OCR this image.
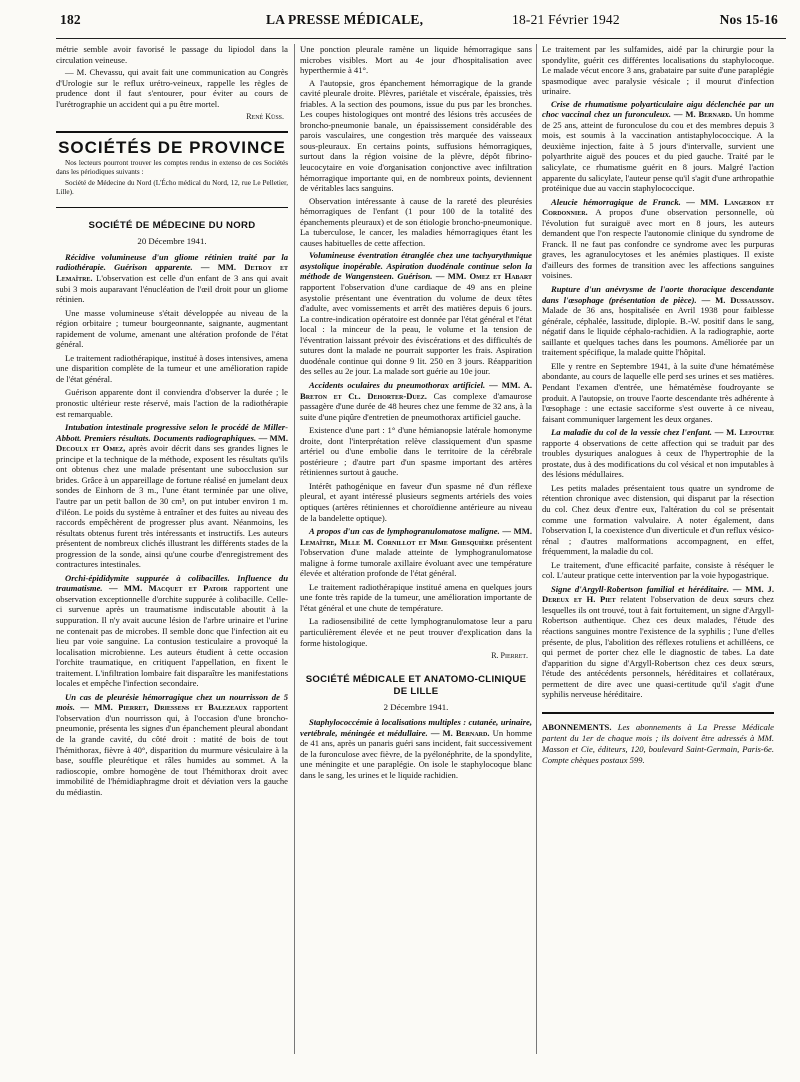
182	LA PRESSE MÉDICALE,	18-21 Février 1942	Nos 15-16

métrie semble avoir favorisé le passage du lipiodol dans la circulation veineuse.

— M. Chevassu, qui avait fait une communication au Congrès d'Urologie sur le reflux urétro-veineux, rappelle les règles de prudence dont il faut s'entourer, pour éviter au cours de l'urétrographie un accident qui a pu être mortel.

René Küss.
SOCIÉTÉS DE PROVINCE

Nos lecteurs pourront trouver les comptes rendus in extenso de ces Sociétés dans les périodiques suivants :

Société de Médecine du Nord (L'Écho médical du Nord, 12, rue Le Pelletier, Lille).

SOCIÉTÉ DE MÉDECINE DU NORD
20 Décembre 1941.

Récidive volumineuse d'un gliome rétinien traité par la radiothérapie. Guérison apparente. — MM. Detroy et Lemaître. L'observation est celle d'un enfant de 3 ans qui avait subi 3 mois auparavant l'énucléation de l'œil droit pour un gliome rétinien.

Une masse volumineuse s'était développée au niveau de la région orbitaire ; tumeur bourgeonnante, saignante, augmentant rapidement de volume, amenant une altération profonde de l'état général.

Le traitement radiothérapique, institué à doses intensives, amena une disparition complète de la tumeur et une amélioration rapide de l'état général.

Guérison apparente dont il conviendra d'observer la durée ; le pronostic ultérieur reste réservé, mais l'action de la radiothérapie est remarquable.

Intubation intestinale progressive selon le procédé de Miller-Abbott. Premiers résultats. Documents radiographiques. — MM. Decoulx et Omez, après avoir décrit dans ses grandes lignes le principe et la technique de la méthode, exposent les résultats qu'ils ont obtenus chez une malade présentant une subocclusion sur brides. Grâce à un appareillage de fortune réalisé en jumelant deux sondes de Einhorn de 3 m., l'une étant terminée par une olive, l'autre par un petit ballon de 30 cm³, on put intuber environ 1 m. d'iléon. Le poids du système à entraîner et des fuites au niveau des raccords empêchèrent de progresser plus avant. Néanmoins, les résultats obtenus furent très intéressants et instructifs. Les auteurs présentent de nombreux clichés illustrant les différents stades de la progression de la sonde, ainsi qu'une courbe d'enregistrement des contractures intestinales.

Orchi-épididymite suppurée à colibacilles. Influence du traumatisme. — MM. Macquet et Patoir rapportent une observation exceptionnelle d'orchite suppurée à colibacille. Celle-ci survenue après un traumatisme indiscutable aboutit à la suppuration. Il n'y avait aucune lésion de l'arbre urinaire et l'urine ne contenait pas de microbes. Il semble donc que l'infection ait eu lieu par voie sanguine. La contusion testiculaire a provoqué la localisation microbienne. Les auteurs étudient à cette occasion l'orchite traumatique, en critiquent l'appellation, en fixent le traitement. L'infiltration lombaire fait disparaître les manifestations locales et empêche l'infection secondaire.

Un cas de pleurésie hémorragique chez un nourrisson de 5 mois. — MM. Pierret, Driessens et Balezeaux rapportent l'observation d'un nourrisson qui, à l'occasion d'une broncho-pneumonie, présenta les signes d'un épanchement pleural abondant de la grande cavité, du côté droit : matité de bois de tout l'hémithorax, fièvre à 40°, disparition du murmure vésiculaire à la base, souffle pleurétique et râles humides au sommet. A la radioscopie, ombre homogène de tout l'hémithorax droit avec immobilité de l'hémidiaphragme droit et déviation vers la gauche du médiastin.

Une ponction pleurale ramène un liquide hémorragique sans microbes visibles. Mort au 4e jour d'hospitalisation avec hyperthermie à 41°.

A l'autopsie, gros épanchement hémorragique de la grande cavité pleurale droite. Plèvres, pariétale et viscérale, épaissies, très friables. A la section des poumons, issue du pus par les bronches. Les coupes histologiques ont montré des lésions très accusées de broncho-pneumonie banale, un épaississement considérable des parois vasculaires, une congestion très marquée des vaisseaux sous-pleuraux. En certains points, suffusions hémorragiques, surtout dans la région voisine de la plèvre, dépôt fibrino-leucocytaire en voie d'organisation conjonctive avec infiltration hémorragique importante qui, en de nombreux points, deviennent de véritables lacs sanguins.

Observation intéressante à cause de la rareté des pleurésies hémorragiques de l'enfant (1 pour 100 de la totalité des épanchements pleuraux) et de son étiologie broncho-pneumonique. La tuberculose, le cancer, les maladies hémorragiques étant les causes habituelles de cette affection.

Volumineuse éventration étranglée chez une tachyarythmique asystolique inopérable. Aspiration duodénale continue selon la méthode de Wangensteen. Guérison. — MM. Omez et Habart rapportent l'observation d'une cardiaque de 49 ans en pleine asystolie présentant une éventration du volume de deux têtes d'adulte, avec vomissements et arrêt des matières depuis 6 jours. La contre-indication opératoire est donnée par l'état général et l'état local : la minceur de la peau, le volume et la tension de l'éventration laissant prévoir des éviscérations et des difficultés de sutures dont la malade ne pourrait supporter les frais. Aspiration duodénale continue qui donne 9 lit. 250 en 3 jours. Réapparition des selles au 2e jour. La malade sort guérie au 10e jour.

Accidents oculaires du pneumothorax artificiel. — MM. A. Breton et Cl. Dehorter-Duez. Cas complexe d'amaurose passagère d'une durée de 48 heures chez une femme de 32 ans, à la suite d'une piqûre d'entretien de pneumothorax artificiel gauche.

Existence d'une part : 1° d'une hémianopsie latérale homonyme droite, dont l'interprétation relève classiquement d'un spasme artériel ou d'une embolie dans le territoire de la cérébrale postérieure ; d'autre part d'un spasme important des artères rétiniennes surtout à gauche.

Intérêt pathogénique en faveur d'un spasme né d'un réflexe pleural, et ayant intéressé plusieurs segments artériels des voies optiques (artères rétiniennes et choroïdienne antérieure au niveau de la bandelette optique).

A propos d'un cas de lymphogranulomatose maligne. — MM. Lemaître, Mlle M. Cornillot et Mme Ghesquière présentent l'observation d'une malade atteinte de lymphogranulomatose maligne à forme tumorale axillaire évoluant avec une température élevée et altération profonde de l'état général.

Le traitement radiothérapique institué amena en quelques jours une fonte très rapide de la tumeur, une amélioration importante de l'état général et une chute de température.

La radiosensibilité de cette lymphogranulomatose leur a paru particulièrement élevée et ne peut trouver d'explication dans la forme histologique.

R. Pierret.
SOCIÉTÉ MÉDICALE ET ANATOMO-CLINIQUE DE LILLE
2 Décembre 1941.

Staphylococcémie à localisations multiples : cutanée, urinaire, vertébrale, méningée et médullaire. — M. Bernard. Un homme de 41 ans, après un panaris guéri sans incident, fait successivement de la furonculose avec fièvre, de la pyélonéphrite, de la spondylite, une méningite et une paraplégie. On isole le staphylocoque blanc dans le sang, les urines et le liquide rachidien.

Le traitement par les sulfamides, aidé par la chirurgie pour la spondylite, guérit ces différentes localisations du staphylocoque. Le malade vécut encore 3 ans, grabataire par suite d'une paraplégie spasmodique avec paralysie vésicale ; il mourut d'infection urinaire.

Crise de rhumatisme polyarticulaire aigu déclenchée par un choc vaccinal chez un furonculeux. — M. Bernard. Un homme de 25 ans, atteint de furonculose du cou et des membres depuis 3 mois, est soumis à la vaccination antistaphylococcique. A la deuxième injection, faite à 5 jours d'intervalle, survient une polyarthrite aiguë des pouces et du pied gauche. Traité par le salicylate, ce rhumatisme guérit en 8 jours. Malgré l'action apparente du salicylate, l'auteur pense qu'il s'agit d'une arthropathie protéinique due au vaccin staphylococcique.

Aleucie hémorragique de Franck. — MM. Langeron et Cordonnier. A propos d'une observation personnelle, où l'évolution fut suraiguë avec mort en 8 jours, les auteurs demandent que l'on respecte l'autonomie clinique du syndrome de Franck. Il ne faut pas confondre ce syndrome avec les purpuras graves, les agranulocytoses et les anémies plastiques. Il existe d'ailleurs des formes de transition avec les affections sanguines voisines.

Rupture d'un anévrysme de l'aorte thoracique descendante dans l'œsophage (présentation de pièce). — M. Dussaussoy. Malade de 36 ans, hospitalisée en Avril 1938 pour faiblesse générale, céphalée, lassitude, diplopie. B.-W. positif dans le sang, négatif dans le liquide céphalo-rachidien. A la radiographie, aorte saillante et quelques taches dans les poumons. Améliorée par un traitement spécifique, la malade quitte l'hôpital.

Elle y rentre en Septembre 1941, à la suite d'une hématémèse abondante, au cours de laquelle elle perd ses urines et ses matières. Pendant l'examen d'entrée, une hématémèse foudroyante se produit. A l'autopsie, on trouve l'aorte descendante très adhérente à l'œsophage : une ectasie sacciforme s'est ouverte à ce niveau, faisant communiquer largement les deux organes.

La maladie du col de la vessie chez l'enfant. — M. Lepoutre rapporte 4 observations de cette affection qui se traduit par des troubles dysuriques analogues à ceux de l'hypertrophie de la prostate, dus à des modifications du col vésical et non imputables à des lésions médullaires.

Les petits malades présentaient tous quatre un syndrome de rétention chronique avec distension, qui disparut par la résection du col. Chez deux d'entre eux, l'altération du col se présentait comme une formation valvulaire. A noter également, dans l'observation I, la coexistence d'un diverticule et d'un reflux vésico-rénal ; d'autres malformations accompagnent, en effet, fréquemment, la maladie du col.

Le traitement, d'une efficacité parfaite, consiste à réséquer le col. L'auteur pratique cette intervention par la voie hypogastrique.

Signe d'Argyll-Robertson familial et héréditaire. — MM. J. Dereux et H. Piet relatent l'observation de deux sœurs chez lesquelles ils ont trouvé, tout à fait fortuitement, un signe d'Argyll-Robertson authentique. Chez ces deux malades, l'étude des réactions sanguines montre l'existence de la syphilis ; l'une d'elles présente, de plus, l'abolition des réflexes rotuliens et achilléens, ce qui permet de porter chez elle le diagnostic de tabes. La date d'apparition du signe d'Argyll-Robertson chez ces deux sœurs, l'étude des antécédents personnels, héréditaires et collatéraux, permettent de dire avec une quasi-certitude qu'il s'agit d'une syphilis nerveuse héréditaire.

ABONNEMENTS. Les abonnements à La Presse Médicale partent du 1er de chaque mois ; ils doivent être adressés à MM. Masson et Cie, éditeurs, 120, boulevard Saint-Germain, Paris-6e. Compte chèques postaux 599.
